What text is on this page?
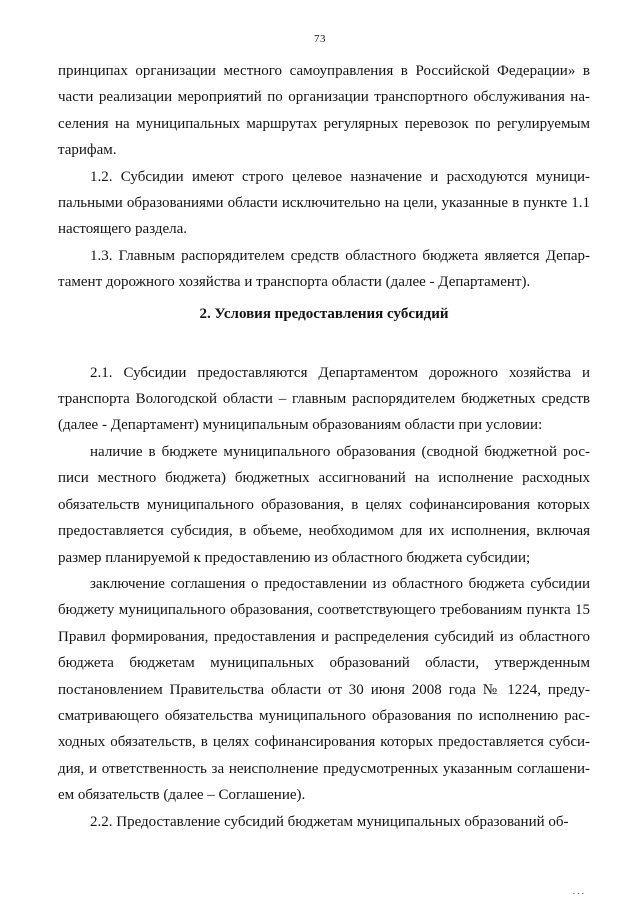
73

принципах организации местного самоуправления в Российской Федерации» в части реализации мероприятий по организации транспортного обслуживания населения на муниципальных маршрутах регулярных перевозок по регулируемым тарифам.

1.2. Субсидии имеют строго целевое назначение и расходуются муниципальными образованиями области исключительно на цели, указанные в пункте 1.1 настоящего раздела.

1.3. Главным распорядителем средств областного бюджета является Департамент дорожного хозяйства и транспорта области (далее - Департамент).

2. Условия предоставления субсидий

2.1. Субсидии предоставляются Департаментом дорожного хозяйства и транспорта Вологодской области – главным распорядителем бюджетных средств (далее - Департамент) муниципальным образованиям области при условии:

наличие в бюджете муниципального образования (сводной бюджетной росписи местного бюджета) бюджетных ассигнований на исполнение расходных обязательств муниципального образования, в целях софинансирования которых предоставляется субсидия, в объеме, необходимом для их исполнения, включая размер планируемой к предоставлению из областного бюджета субсидии;

заключение соглашения о предоставлении из областного бюджета субсидии бюджету муниципального образования, соответствующего требованиям пункта 15 Правил формирования, предоставления и распределения субсидий из областного бюджета бюджетам муниципальных образований области, утвержденным постановлением Правительства области от 30 июня 2008 года № 1224, предусматривающего обязательства муниципального образования по исполнению расходных обязательств, в целях софинансирования которых предоставляется субсидия, и ответственность за неисполнение предусмотренных указанным соглашением обязательств (далее – Соглашение).

2.2. Предоставление субсидий бюджетам муниципальных образований об-

. . .
